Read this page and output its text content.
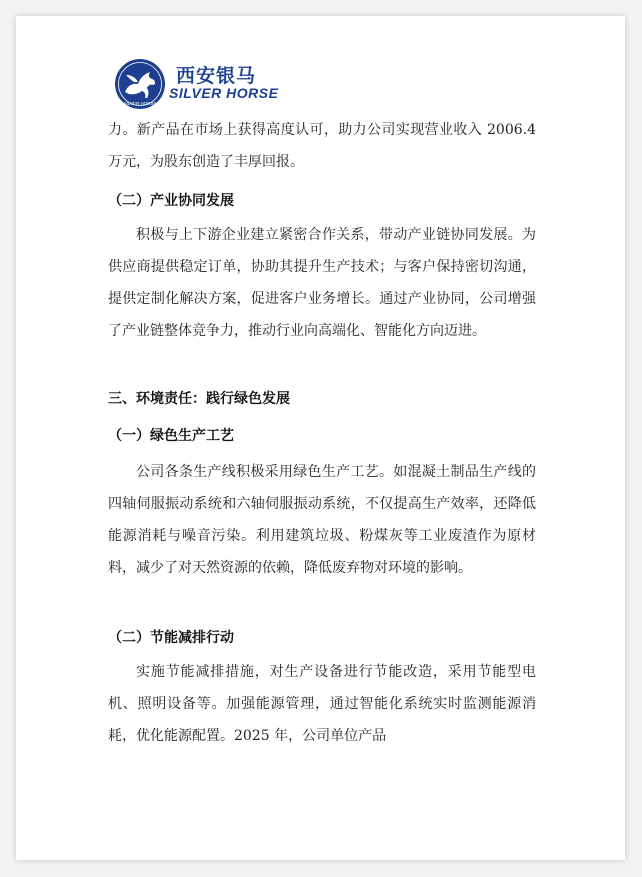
SILVER HORSE
西安银马
SILVER HORSE
力。新产品在市场上获得高度认可，助力公司实现营业收入 2006.4 万元，为股东创造了丰厚回报。
（二）产业协同发展
积极与上下游企业建立紧密合作关系，带动产业链协同发展。为供应商提供稳定订单，协助其提升生产技术；与客户保持密切沟通，提供定制化解决方案，促进客户业务增长。通过产业协同，公司增强了产业链整体竞争力，推动行业向高端化、智能化方向迈进。
三、环境责任：践行绿色发展
（一）绿色生产工艺
公司各条生产线积极采用绿色生产工艺。如混凝土制品生产线的四轴伺服振动系统和六轴伺服振动系统，不仅提高生产效率，还降低能源消耗与噪音污染。利用建筑垃圾、粉煤灰等工业废渣作为原材料，减少了对天然资源的依赖，降低废弃物对环境的影响。
（二）节能减排行动
实施节能减排措施，对生产设备进行节能改造，采用节能型电机、照明设备等。加强能源管理，通过智能化系统实时监测能源消耗，优化能源配置。2025 年，公司单位产品
